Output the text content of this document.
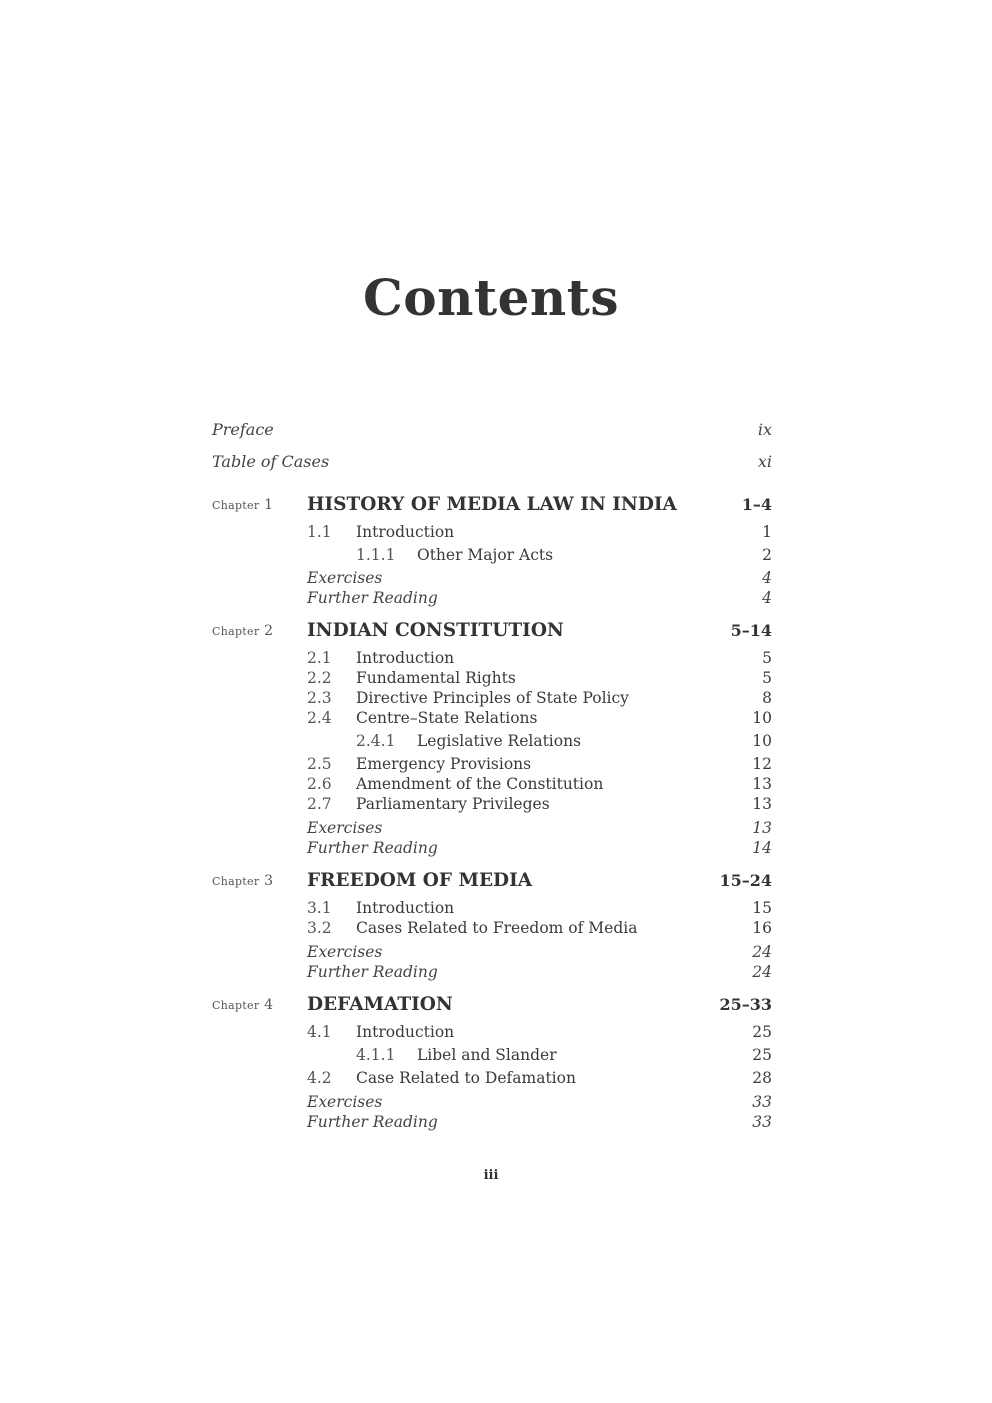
Contents
Preface	ix
Table of Cases	xi
Chapter 1 HISTORY OF MEDIA LAW IN INDIA	1–4
1.1 Introduction	1
1.1.1 Other Major Acts	2
Exercises	4
Further Reading	4
Chapter 2 INDIAN CONSTITUTION	5–14
2.1 Introduction	5
2.2 Fundamental Rights	5
2.3 Directive Principles of State Policy	8
2.4 Centre–State Relations	10
2.4.1 Legislative Relations	10
2.5 Emergency Provisions	12
2.6 Amendment of the Constitution	13
2.7 Parliamentary Privileges	13
Exercises	13
Further Reading	14
Chapter 3 FREEDOM OF MEDIA	15–24
3.1 Introduction	15
3.2 Cases Related to Freedom of Media	16
Exercises	24
Further Reading	24
Chapter 4 DEFAMATION	25–33
4.1 Introduction	25
4.1.1 Libel and Slander	25
4.2 Case Related to Defamation	28
Exercises	33
Further Reading	33
iii
